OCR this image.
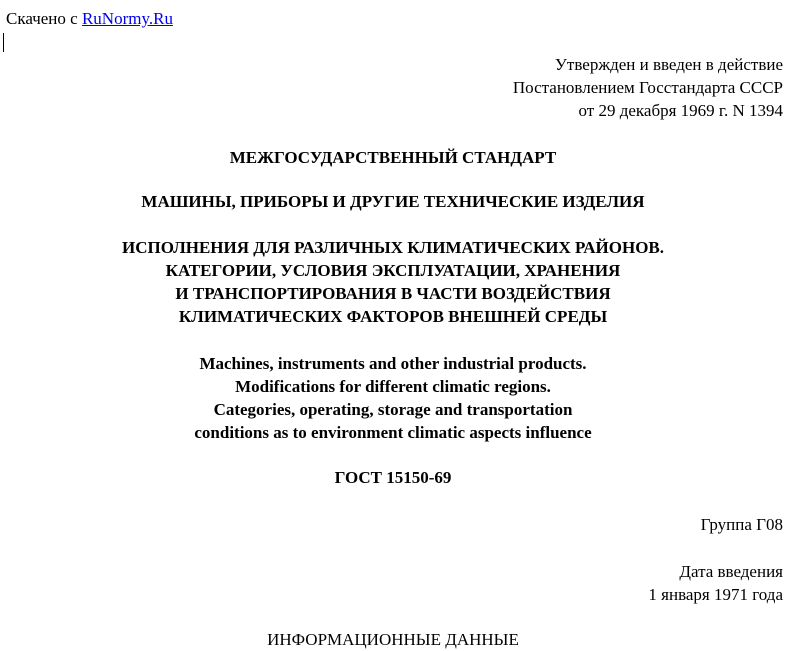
Скачено с RuNormy.Ru
Утвержден и введен в действие
Постановлением Госстандарта СССР
от 29 декабря 1969 г. N 1394
МЕЖГОСУДАРСТВЕННЫЙ СТАНДАРТ
МАШИНЫ, ПРИБОРЫ И ДРУГИЕ ТЕХНИЧЕСКИЕ ИЗДЕЛИЯ
ИСПОЛНЕНИЯ ДЛЯ РАЗЛИЧНЫХ КЛИМАТИЧЕСКИХ РАЙОНОВ.
КАТЕГОРИИ, УСЛОВИЯ ЭКСПЛУАТАЦИИ, ХРАНЕНИЯ
И ТРАНСПОРТИРОВАНИЯ В ЧАСТИ ВОЗДЕЙСТВИЯ
КЛИМАТИЧЕСКИХ ФАКТОРОВ ВНЕШНЕЙ СРЕДЫ
Machines, instruments and other industrial products.
Modifications for different climatic regions.
Categories, operating, storage and transportation
conditions as to environment climatic aspects influence
ГОСТ 15150-69
Группа Г08
Дата введения
1 января 1971 года
ИНФОРМАЦИОННЫЕ ДАННЫЕ
